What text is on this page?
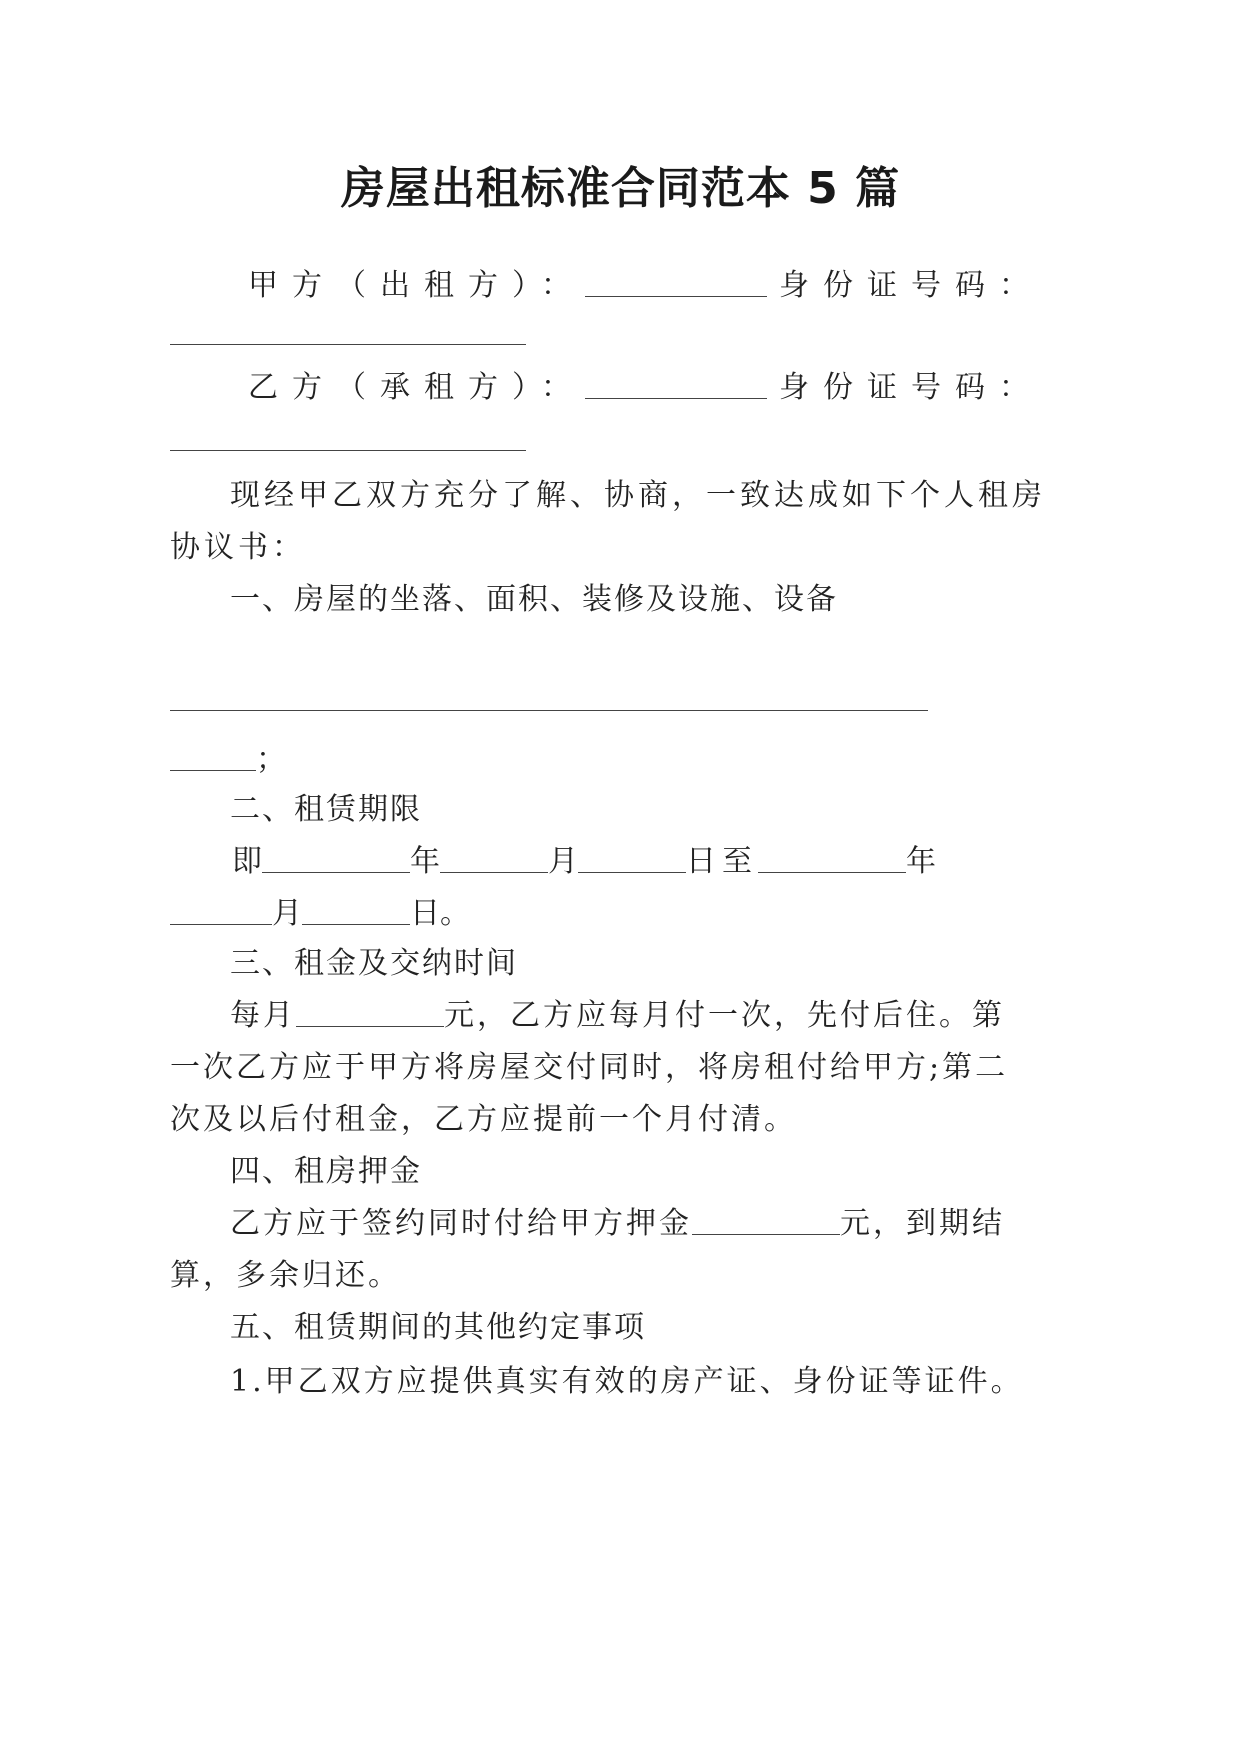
房屋出租标准合同范本 5 篇
甲方（出租方）：	身份证号码：
乙方（承租方）：	身份证号码：
现经甲乙双方充分了解、协商，一致达成如下个人租房
协议书：
一、房屋的坐落、面积、装修及设施、设备
；
二、租赁期限
即	年	月	日至	年
月	日。
三、租金及交纳时间
每月	元，乙方应每月付一次，先付后住。第
一次乙方应于甲方将房屋交付同时，将房租付给甲方;第二
次及以后付租金，乙方应提前一个月付清。
四、租房押金
乙方应于签约同时付给甲方押金	元，到期结
算，多余归还。
五、租赁期间的其他约定事项
1.甲乙双方应提供真实有效的房产证、身份证等证件。
